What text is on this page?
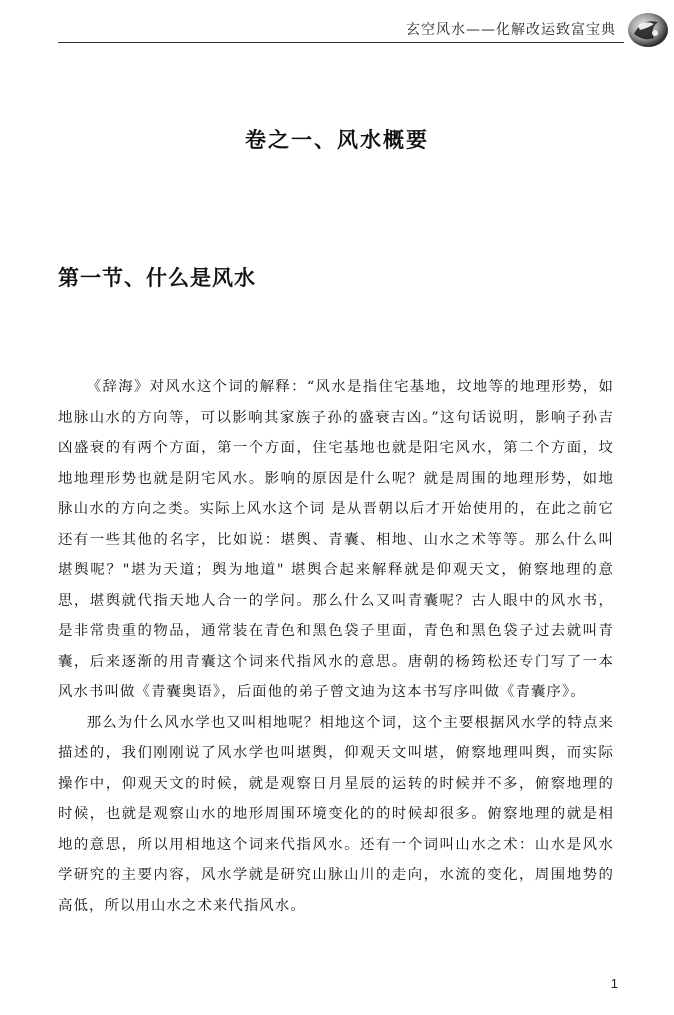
玄空风水——化解改运致富宝典
卷之一、风水概要
第一节、什么是风水

《辞海》对风水这个词的解释：“风水是指住宅基地，坟地等的地理形势，如地脉山水的方向等，可以影响其家族子孙的盛衰吉凶。”这句话说明，影响子孙吉凶盛衰的有两个方面，第一个方面，住宅基地也就是阳宅风水，第二个方面，坟地地理形势也就是阴宅风水。影响的原因是什么呢？就是周围的地理形势，如地脉山水的方向之类。实际上风水这个词 是从晋朝以后才开始使用的，在此之前它还有一些其他的名字，比如说：堪舆、青囊、相地、山水之术等等。那么什么叫堪舆呢？"堪为天道；舆为地道" 堪舆合起来解释就是仰观天文，俯察地理的意思，堪舆就代指天地人合一的学问。那么什么又叫青囊呢？古人眼中的风水书，是非常贵重的物品，通常装在青色和黑色袋子里面，青色和黑色袋子过去就叫青囊，后来逐渐的用青囊这个词来代指风水的意思。唐朝的杨筠松还专门写了一本风水书叫做《青囊奥语》，后面他的弟子曾文迪为这本书写序叫做《青囊序》。

那么为什么风水学也又叫相地呢？相地这个词，这个主要根据风水学的特点来描述的，我们刚刚说了风水学也叫堪舆，仰观天文叫堪，俯察地理叫舆，而实际操作中，仰观天文的时候，就是观察日月星辰的运转的时候并不多，俯察地理的时候，也就是观察山水的地形周围环境变化的的时候却很多。俯察地理的就是相地的意思，所以用相地这个词来代指风水。还有一个词叫山水之术：山水是风水学研究的主要内容，风水学就是研究山脉山川的走向，水流的变化，周围地势的高低，所以用山水之术来代指风水。

1
